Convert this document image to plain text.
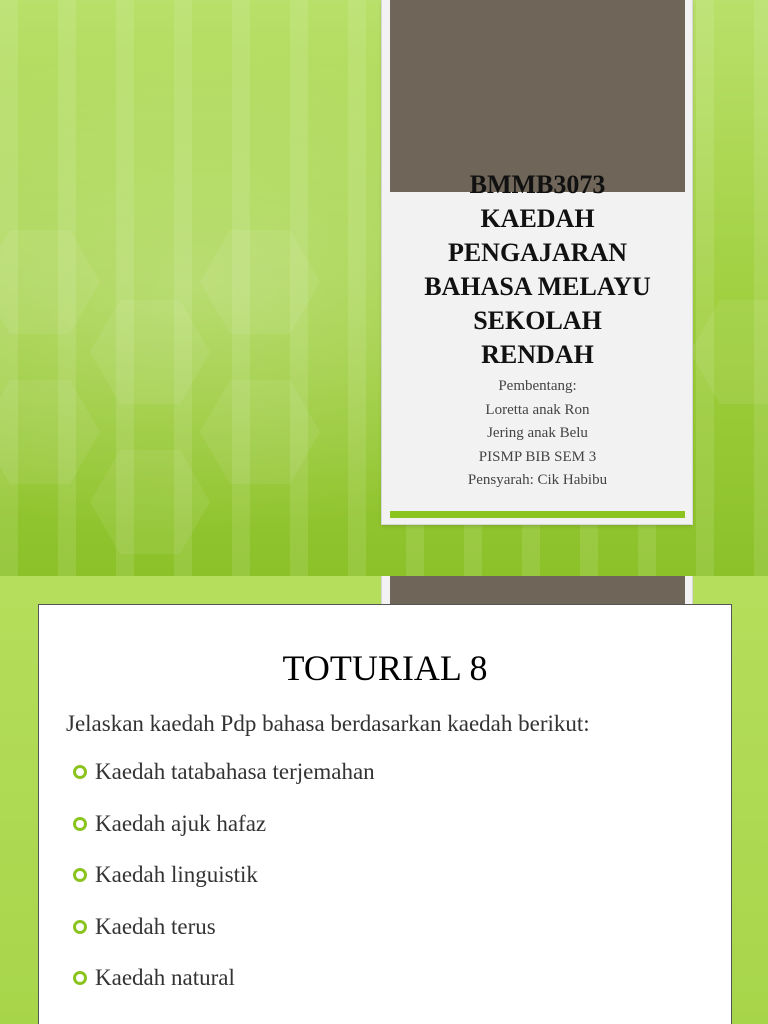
BMMB3073
KAEDAH
PENGAJARAN
BAHASA MELAYU
SEKOLAH
RENDAH
Pembentang:
Loretta anak Ron
Jering anak Belu
PISMP BIB SEM 3
Pensyarah: Cik Habibu
TOTURIAL 8
Jelaskan kaedah Pdp bahasa berdasarkan kaedah berikut:
Kaedah tatabahasa terjemahan
Kaedah ajuk hafaz
Kaedah linguistik
Kaedah terus
Kaedah natural
